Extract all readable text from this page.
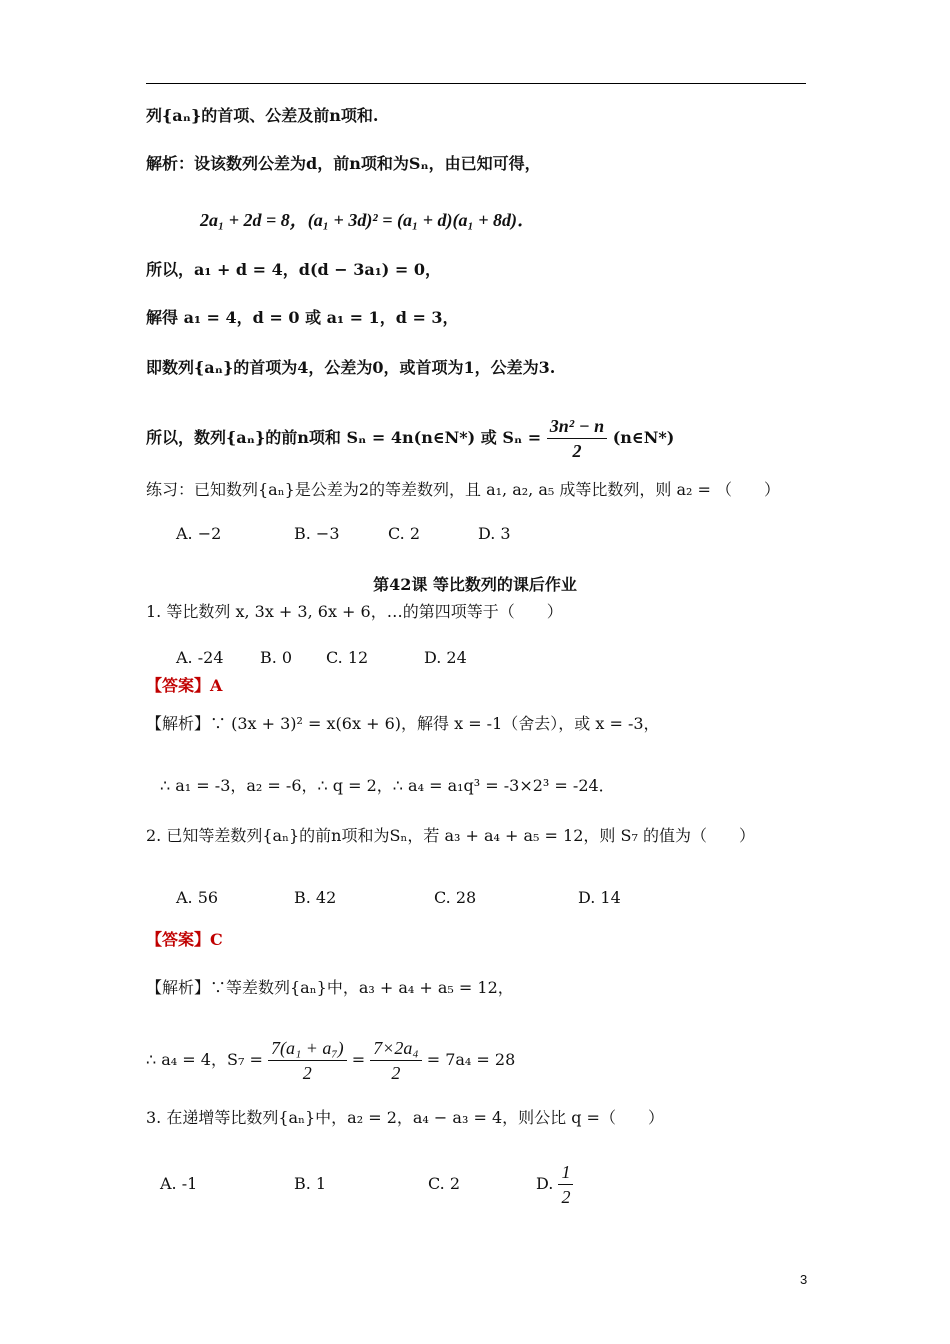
列{aₙ}的首项、公差及前n项和.
解析：设该数列公差为d，前n项和为Sₙ，由已知可得，
2a₁ + 2d = 8，(a₁ + 3d)² = (a₁ + d)(a₁ + 8d)．
所以，a₁ + d = 4，d(d − 3a₁) = 0，
解得 a₁ = 4，d = 0 或 a₁ = 1，d = 3，
即数列{aₙ}的首项为4，公差为0，或首项为1，公差为3.
所以，数列{aₙ}的前n项和 Sₙ = 4n(n∈N*) 或 $S_n = \frac{\text{3n² − n}}{2}$ (n∈N*)
练习：已知数列{aₙ}是公差为2的等差数列，且 a₁, a₂, a₅ 成等比数列，则 a₂ = （　　）
A. −2	B. −3	C. 2	D. 3
第42课 等比数列的课后作业
1. 等比数列 x, 3x + 3, 6x + 6，…的第四项等于（　　）
A. -24 B. 0 C. 12	D. 24
【答案】A
【解析】∵ (3x + 3)² = x(6x + 6)，解得 x = -1（舍去），或 x = -3，
∴ a₁ = -3，a₂ = -6，∴ q = 2，∴ a₄ = a₁q³ = -3×2³ = -24．
2. 已知等差数列{aₙ}的前n项和为Sₙ，若 a₃ + a₄ + a₅ = 12，则 S₇ 的值为（　　）
A. 56	B. 42	C. 28	D. 14
【答案】C
【解析】∵等差数列{aₙ}中，a₃ + a₄ + a₅ = 12，
∴ a₄ = 4，$S_7 = \frac{\text{7(a₁ + a₇)}}{2} = \frac{\text{7×2a₄}}{2} = 7a_4 = 28$
3. 在递增等比数列{aₙ}中，a₂ = 2，a₄ − a₃ = 4，则公比 q =（　　）
A. -1	B. 1	C. 2	D. $\frac{1}{2}$
3
